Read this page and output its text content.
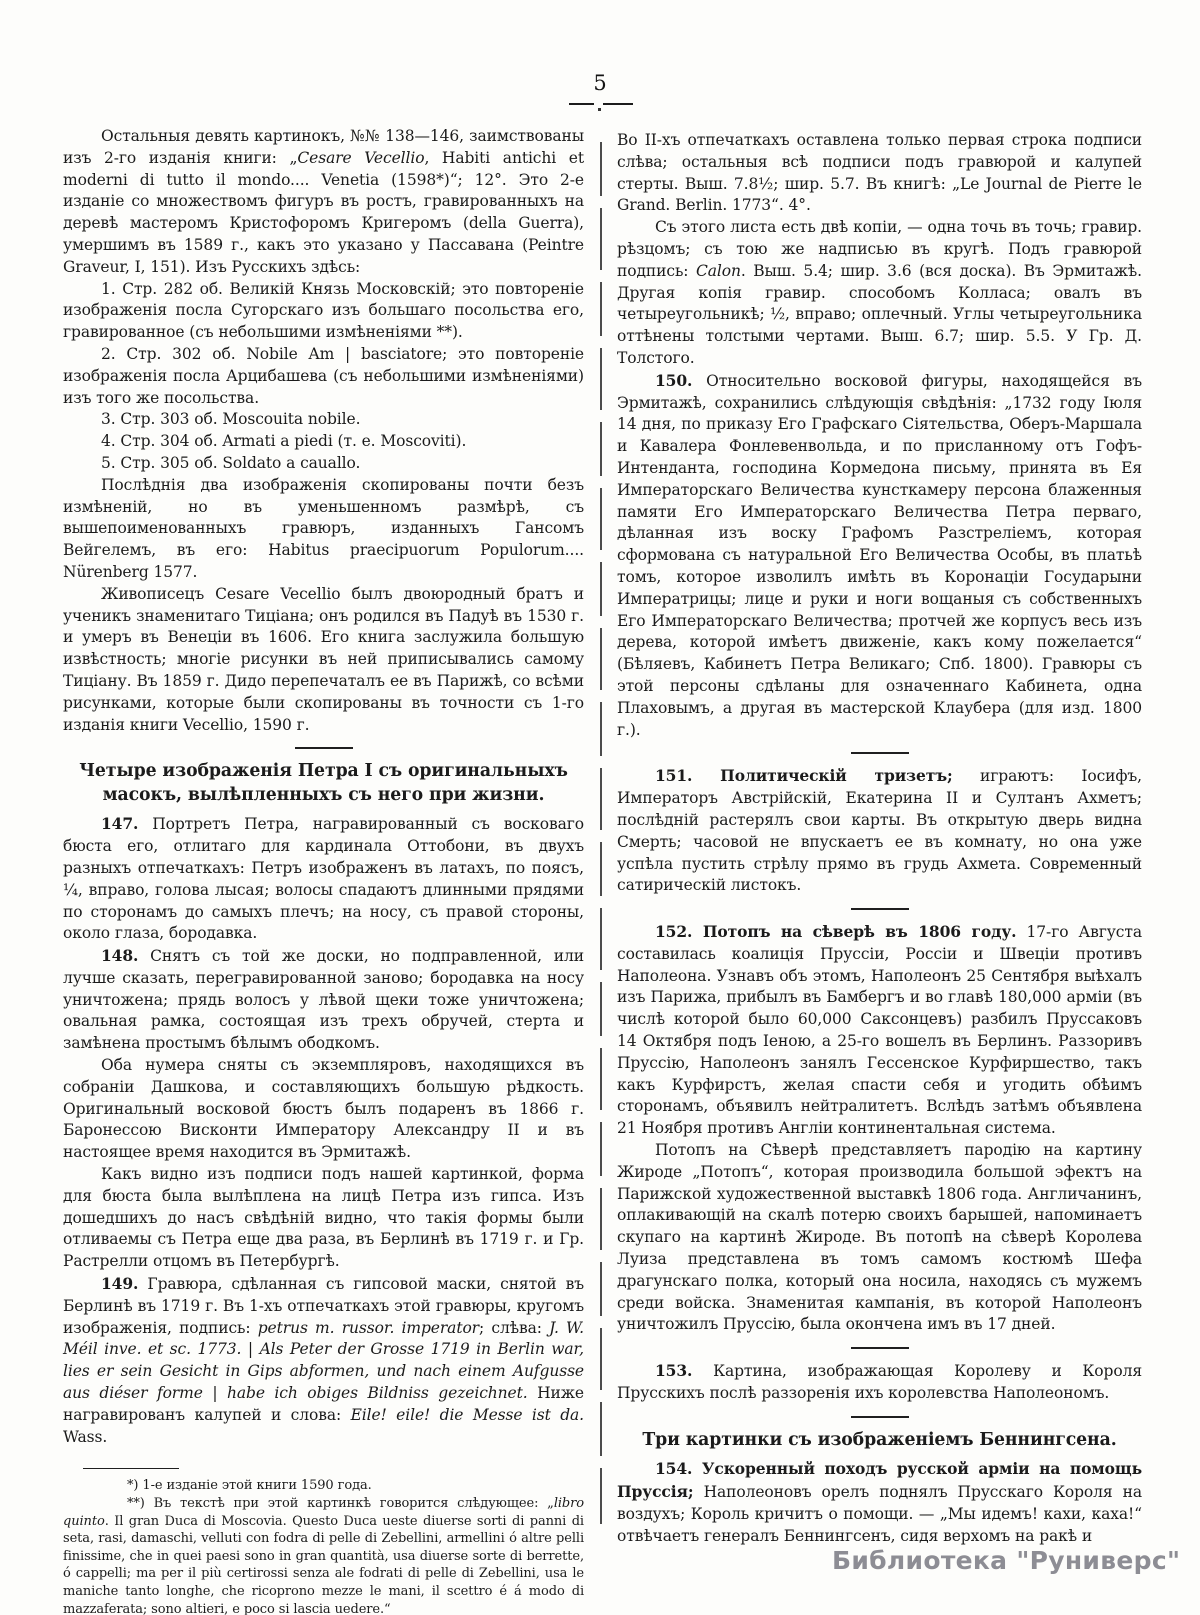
5

Остальныя девять картинокъ, №№ 138—146, заимствованы изъ 2-го изданія книги: „Cesare Vecellio, Habiti antichi et moderni di tutto il mondo.... Venetia (1598*)“; 12°. Это 2-е изданіе со множествомъ фигуръ въ ростъ, гравированныхъ на деревѣ мастеромъ Кристофоромъ Кригеромъ (della Guerra), умершимъ въ 1589 г., какъ это указано у Пассавана (Peintre Graveur, I, 151). Изъ Русскихъ здѣсь:

1. Стр. 282 об. Великій Князь Московскій; это повтореніе изображенія посла Сугорскаго изъ большаго посольства его, гравированное (съ небольшими измѣненіями **).

2. Стр. 302 об. Nobile Am | basciatore; это повтореніе изображенія посла Арцибашева (съ небольшими измѣненіями) изъ того же посольства.

3. Стр. 303 об. Moscouita nobile.

4. Стр. 304 об. Armati a piedi (т. е. Moscoviti).

5. Стр. 305 об. Soldato a cauallo.

Послѣднія два изображенія скопированы почти безъ измѣненій, но въ уменьшенномъ размѣрѣ, съ вышепоименованныхъ гравюръ, изданныхъ Гансомъ Вейгелемъ, въ его: Habitus praecipuorum Populorum.... Nürenberg 1577.

Живописецъ Cesare Vecellio былъ двоюродный братъ и ученикъ знаменитаго Тиціана; онъ родился въ Падуѣ въ 1530 г. и умеръ въ Венеціи въ 1606. Его книга заслужила большую извѣстность; многіе рисунки въ ней приписывались самому Тиціану. Въ 1859 г. Дидо перепечаталъ ее въ Парижѣ, со всѣми рисунками, которые были скопированы въ точности съ 1-го изданія книги Vecellio, 1590 г.

Четыре изображенія Петра I съ оригинальныхъ масокъ, вылѣпленныхъ съ него при жизни.

147. Портретъ Петра, награвированный съ восковаго бюста его, отлитаго для кардинала Оттобони, въ двухъ разныхъ отпечаткахъ: Петръ изображенъ въ латахъ, по поясъ, ¼, вправо, голова лысая; волосы спадаютъ длинными прядями по сторонамъ до самыхъ плечъ; на носу, съ правой стороны, около глаза, бородавка.

148. Снятъ съ той же доски, но подправленной, или лучше сказать, перегравированной заново; бородавка на носу уничтожена; прядь волосъ у лѣвой щеки тоже уничтожена; овальная рамка, состоящая изъ трехъ обручей, стерта и замѣнена простымъ бѣлымъ ободкомъ.

Оба нумера сняты съ экземпляровъ, находящихся въ собраніи Дашкова, и составляющихъ большую рѣдкость. Оригинальный восковой бюстъ былъ подаренъ въ 1866 г. Баронессою Висконти Императору Александру II и въ настоящее время находится въ Эрмитажѣ.

Какъ видно изъ подписи подъ нашей картинкой, форма для бюста была вылѣплена на лицѣ Петра изъ гипса. Изъ дошедшихъ до насъ свѣдѣній видно, что такія формы были отливаемы съ Петра еще два раза, въ Берлинѣ въ 1719 г. и Гр. Растрелли отцомъ въ Петербургѣ.

149. Гравюра, сдѣланная съ гипсовой маски, снятой въ Берлинѣ въ 1719 г. Въ 1-хъ отпечаткахъ этой гравюры, кругомъ изображенія, подпись: petrus m. russor. imperator; слѣва: J. W. Méil inve. et sc. 1773. | Als Peter der Grosse 1719 in Berlin war, lies er sein Gesicht in Gips abformen, und nach einem Aufgusse aus diéser forme | habe ich obiges Bildniss gezeichnet. Ниже награвированъ калупей и слова: Eile! eile! die Messe ist da. Wass.

*) 1-е изданіе этой книги 1590 года.

**) Въ текстѣ при этой картинкѣ говорится слѣдующее: „libro quinto. Il gran Duca di Moscovia. Questo Duca ueste diuerse sorti di panni di seta, rasi, damaschi, velluti con fodra di pelle di Zebellini, armellini ó altre pelli finissime, che in quei paesi sono in gran quantità, usa diuerse sorte di berrette, ó cappelli; ma per il più certirossi senza ale fodrati di pelle di Zebellini, usa le maniche tanto longhe, che ricoprono mezze le mani, il scettro é á modo di mazzaferata; sono altieri, e poco si lascia uedere.“

Во ІІ-хъ отпечаткахъ оставлена только первая строка подписи слѣва; остальныя всѣ подписи подъ гравюрой и калупей стерты. Выш. 7.8½; шир. 5.7. Въ книгѣ: „Le Journal de Pierre le Grand. Berlin. 1773“. 4°.

Съ этого листа есть двѣ копіи, — одна точь въ точь; гравир. рѣзцомъ; съ тою же надписью въ кругѣ. Подъ гравюрой подпись: Calon. Выш. 5.4; шир. 3.6 (вся доска). Въ Эрмитажѣ. Другая копія гравир. способомъ Колласа; овалъ въ четыреугольникѣ; ½, вправо; оплечный. Углы четыреугольника оттѣнены толстыми чертами. Выш. 6.7; шир. 5.5. У Гр. Д. Толстого.

150. Относительно восковой фигуры, находящейся въ Эрмитажѣ, сохранились слѣдующія свѣдѣнія: „1732 году Іюля 14 дня, по приказу Его Графскаго Сіятельства, Оберъ-Маршала и Кавалера Фонлевенвольда, и по присланному отъ Гофъ-Интенданта, господина Кормедона письму, принята въ Ея Императорскаго Величества кунсткамеру персона блаженныя памяти Его Императорскаго Величества Петра перваго, дѣланная изъ воску Графомъ Разстреліемъ, которая сформована съ натуральной Его Величества Особы, въ платьѣ томъ, которое изволилъ имѣть въ Коронаціи Государыни Императрицы; лице и руки и ноги вощаныя съ собственныхъ Его Императорскаго Величества; протчей же корпусъ весь изъ дерева, которой имѣетъ движеніе, какъ кому пожелается“ (Бѣляевъ, Кабинетъ Петра Великаго; Спб. 1800). Гравюры съ этой персоны сдѣланы для означеннаго Кабинета, одна Плаховымъ, а другая въ мастерской Клаубера (для изд. 1800 г.).

151. Политическій тризетъ; играютъ: Іосифъ, Императоръ Австрійскій, Екатерина II и Султанъ Ахметъ; послѣдній растерялъ свои карты. Въ открытую дверь видна Смерть; часовой не впускаетъ ее въ комнату, но она уже успѣла пустить стрѣлу прямо въ грудь Ахмета. Современный сатирическій листокъ.

152. Потопъ на сѣверѣ въ 1806 году. 17-го Августа составилась коалиція Пруссіи, Россіи и Швеціи противъ Наполеона. Узнавъ объ этомъ, Наполеонъ 25 Сентября выѣхалъ изъ Парижа, прибылъ въ Бамбергъ и во главѣ 180,000 арміи (въ числѣ которой было 60,000 Саксонцевъ) разбилъ Пруссаковъ 14 Октября подъ Іеною, а 25-го вошелъ въ Берлинъ. Раззоривъ Пруссію, Наполеонъ занялъ Гессенское Курфиршество, такъ какъ Курфирстъ, желая спасти себя и угодить обѣимъ сторонамъ, объявилъ нейтралитетъ. Вслѣдъ затѣмъ объявлена 21 Ноября противъ Англіи континентальная система.

Потопъ на Сѣверѣ представляетъ пародію на картину Жироде „Потопъ“, которая производила большой эфектъ на Парижской художественной выставкѣ 1806 года. Англичанинъ, оплакивающій на скалѣ потерю своихъ барышей, напоминаетъ скупаго на картинѣ Жироде. Въ потопѣ на сѣверѣ Королева Луиза представлена въ томъ самомъ костюмѣ Шефа драгунскаго полка, который она носила, находясь съ мужемъ среди войска. Знаменитая кампанія, въ которой Наполеонъ уничтожилъ Пруссію, была окончена имъ въ 17 дней.

153. Картина, изображающая Королеву и Короля Прусскихъ послѣ раззоренія ихъ королевства Наполеономъ.

Три картинки съ изображеніемъ Беннингсена.

154. Ускоренный походъ русской арміи на помощь Пруссія; Наполеоновъ орелъ поднялъ Прусскаго Короля на воздухъ; Король кричитъ о помощи. — „Мы идемъ! кахи, каха!“ отвѣчаетъ генералъ Беннингсенъ, сидя верхомъ на ракѣ и

Библиотека "Руниверс"
